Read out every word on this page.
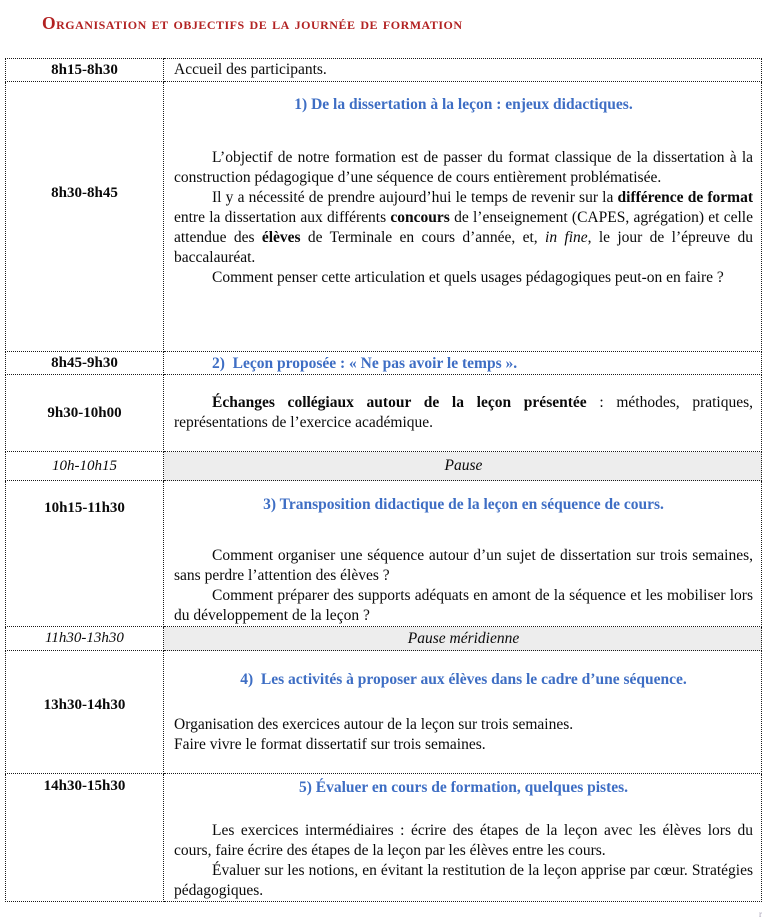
Organisation et objectifs de la journée de formation
8h15-8h30	Accueil des participants.
8h30-8h45	1) De la dissertation à la leçon : enjeux didactiques.

L’objectif de notre formation est de passer du format classique de la dissertation à la construction pédagogique d’une séquence de cours entièrement problématisée.

Il y a nécessité de prendre aujourd’hui le temps de revenir sur la différence de format entre la dissertation aux différents concours de l’enseignement (CAPES, agrégation) et celle attendue des élèves de Terminale en cours d’année, et, in fine, le jour de l’épreuve du baccalauréat.

Comment penser cette articulation et quels usages pédagogiques peut-on en faire ?

8h45-9h30	2)  Leçon proposée : « Ne pas avoir le temps ».

9h30-10h00	Échanges collégiaux autour de la leçon présentée : méthodes, pratiques, représentations de l’exercice académique.

10h-10h15	Pause
10h15-11h30	3) Transposition didactique de la leçon en séquence de cours.

Comment organiser une séquence autour d’un sujet de dissertation sur trois semaines, sans perdre l’attention des élèves ?

Comment préparer des supports adéquats en amont de la séquence et les mobiliser lors du développement de la leçon ?

11h30-13h30	Pause méridienne
13h30-14h30	4)  Les activités à proposer aux élèves dans le cadre d’une séquence.

Organisation des exercices autour de la leçon sur trois semaines.

Faire vivre le format dissertatif sur trois semaines.

14h30-15h30	5) Évaluer en cours de formation, quelques pistes.

Les exercices intermédiaires : écrire des étapes de la leçon avec les élèves lors du cours, faire écrire des étapes de la leçon par les élèves entre les cours.

Évaluer sur les notions, en évitant la restitution de la leçon apprise par cœur. Stratégies pédagogiques.

r
